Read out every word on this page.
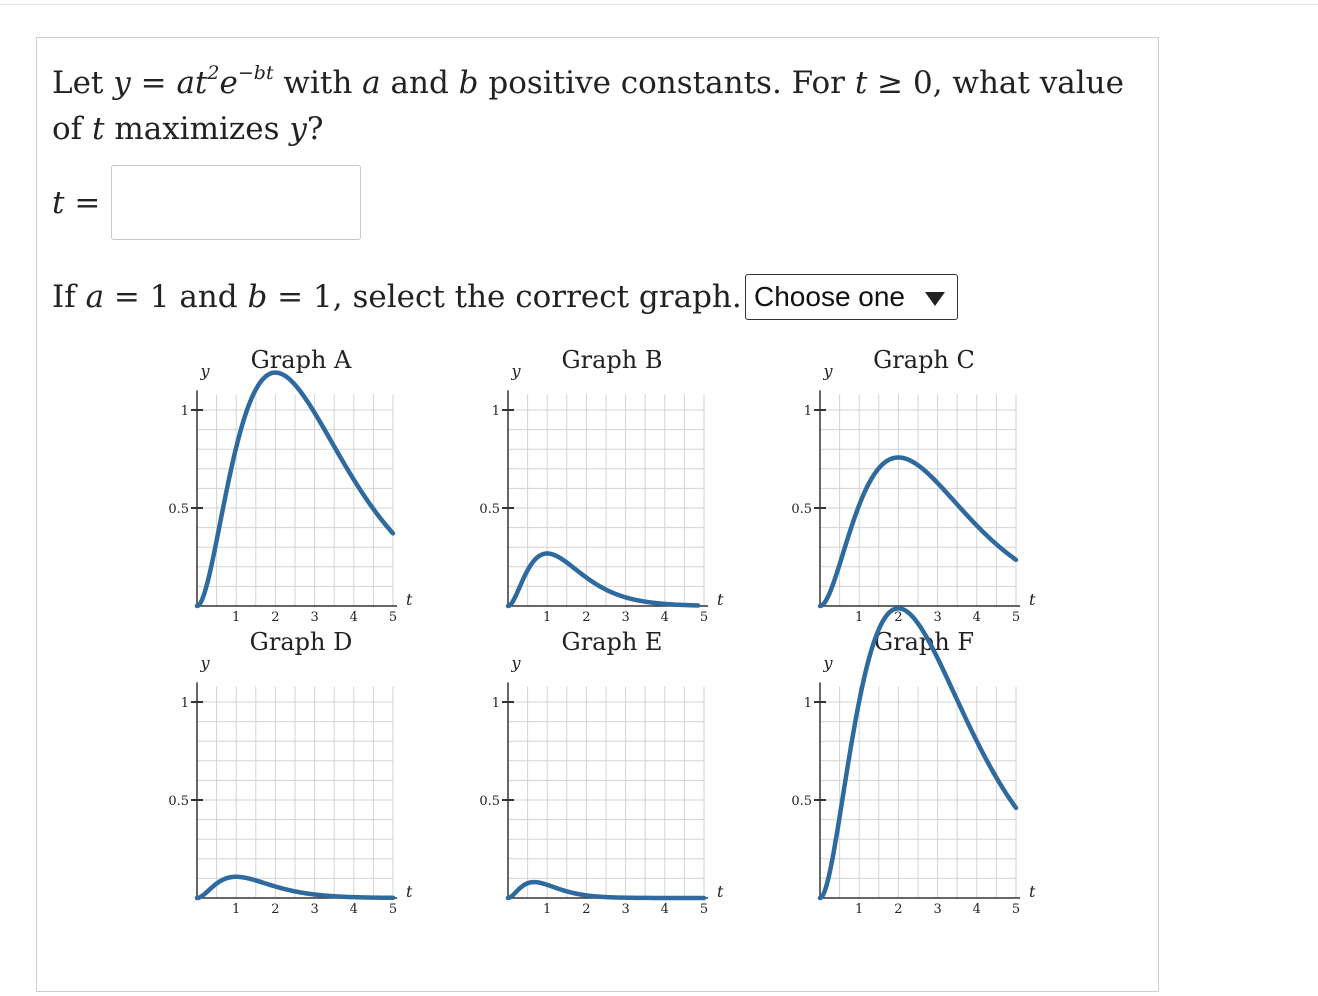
Let $y = at^2e^{-bt}$ with a and b positive constants. For t ≥ 0, what value
of t maximizes y?
t =
If a = 1 and b = 1, select the correct graph. Choose one
1 2 3 4 5
0.5
1
t
y Graph A
1 2 3 4 5
0.5
1
t
y Graph B
1 2 3 4 5
0.5
1
t
y Graph C
1 2 3 4 5
0.5
1
t
y
Graph D
1 2 3 4 5
0.5
1
t
y
Graph E
1 2 3 4 5
0.5
1
t
y
Graph F
